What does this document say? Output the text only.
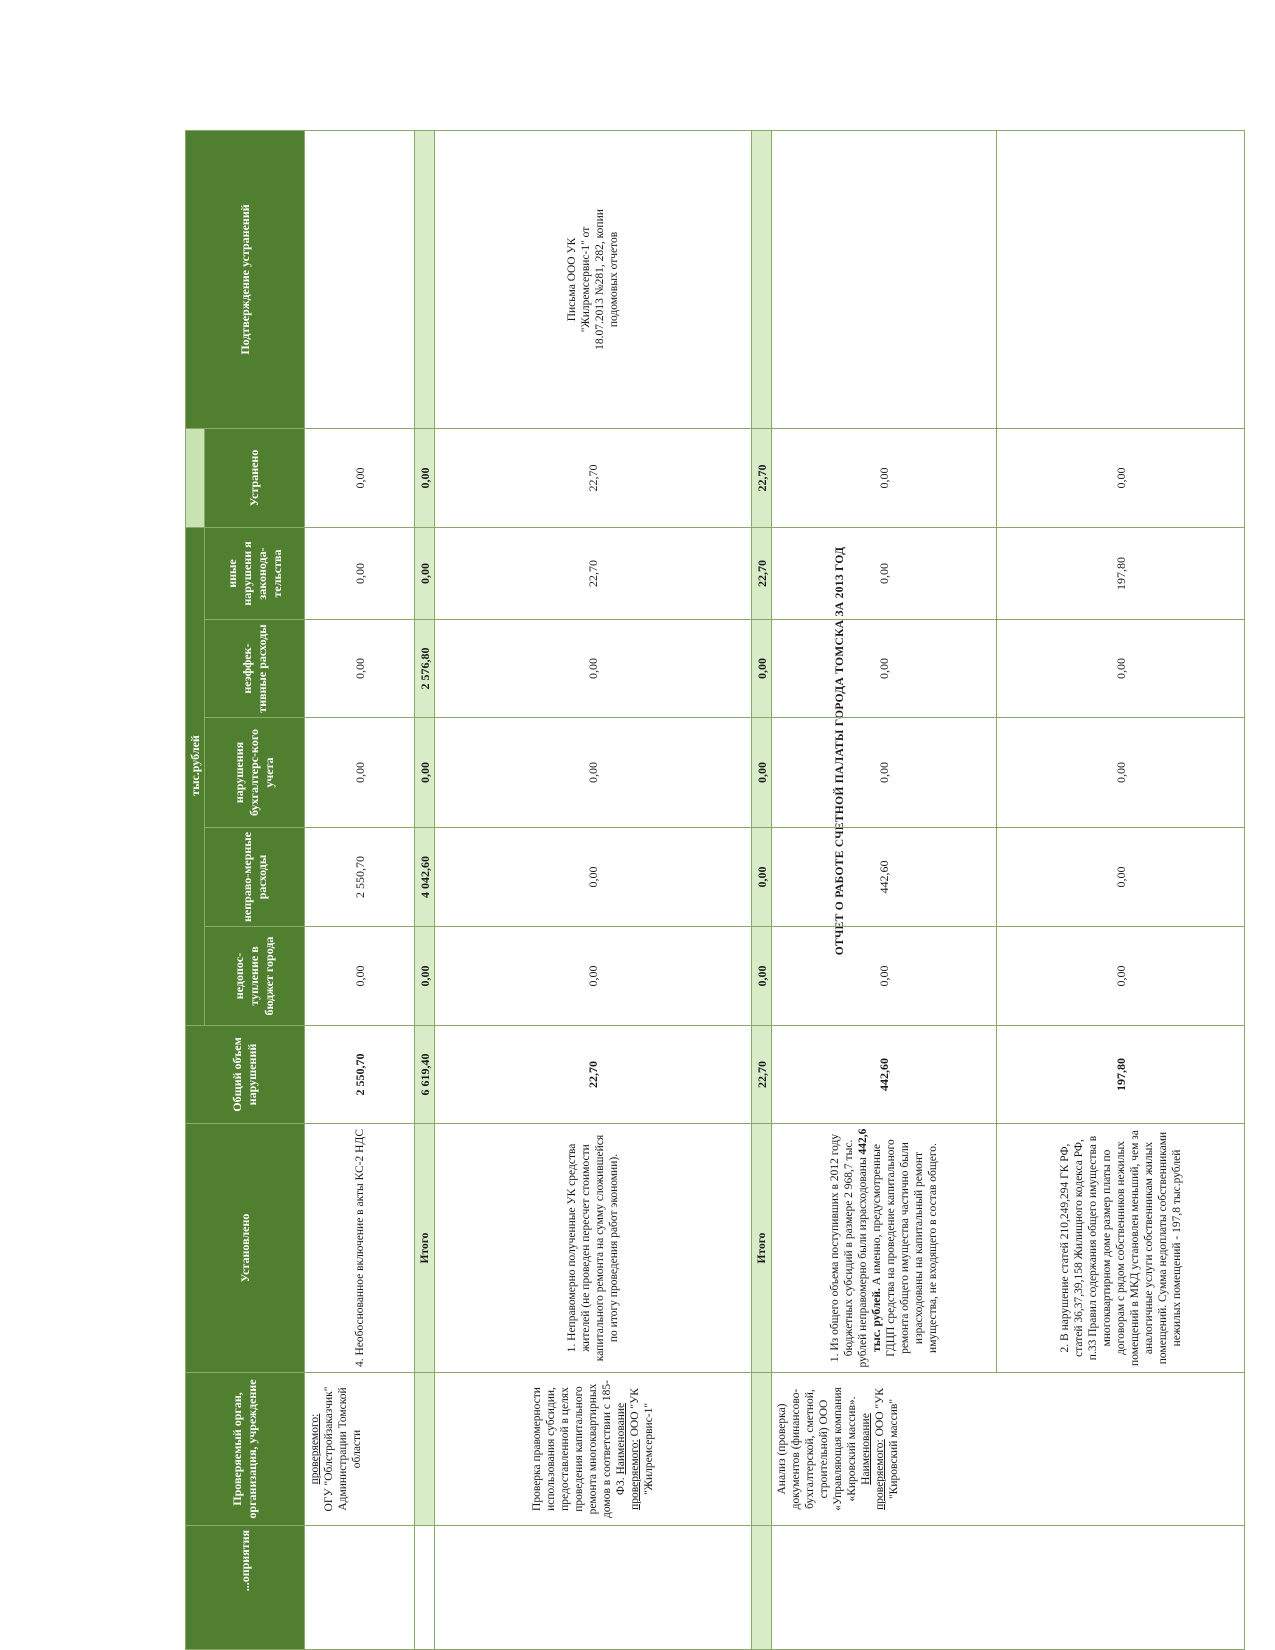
ОТЧЕТ О РАБОТЕ СЧЕТНОЙ ПАЛАТЫ ГОРОДА ТОМСКА ЗА 2013 ГОД
...оприятия
Проверяемый орган, организация, учреждение
Установлено
Общий объем нарушений
тыс.рублей
недопос-тупление в бюджет города
неправо-мерные расходы
нарушения бухгалтерс-кого учета
неэффек-тивные расходы
иные нарушени я законода-тельства
Устранено
Подтверждение устранений
проверяемого: ОГУ "Облстройзаказчик" Администрации Томской области
4. Необоснованное включение в акты КС-2 НДС
2 550,70
0,00
2 550,70
0,00
0,00
0,00
0,00
Итого
6 619,40
0,00
4 042,60
0,00
2 576,80
0,00
0,00
Проверка правомерности использования субсидии, предоставленной в целях проведения капитального ремонта многоквартирных домов в соответствии с 185-ФЗ. Наименование проверяемого: ООО "УК "Жилремсервис-1"
1. Неправомерно полученные УК средства жителей (не проведен пересчет стоимости капитального ремонта на сумму сложившейся по итогу проведения работ экономии).
22,70
0,00
0,00
0,00
0,00
22,70
22,70
Письма ООО УК "Жилремсервис-1" от 18.07.2013 №281, 282, копии подомовых отчетов
Итого
22,70
0,00
0,00
0,00
0,00
22,70
22,70
Анализ (проверка) документов (финансово-бухгалтерской, сметной, строительной) ООО «Управляющая компания «Кировский массив». Наименование проверяемого: ООО "УК "Кировский массив"
1. Из общего объема поступивших в 2012 году бюджетных субсидий в размере 2 968,7 тыс. рублей неправомерно были израсходованы 442,6 тыс. рублей. А именно, предусмотренные ГДЦП средства на проведение капитального ремонта общего имущества частично были израсходованы на капитальный ремонт имущества, не входящего в состав общего.
442,60
0,00
442,60
0,00
0,00
0,00
0,00
2. В нарушение статей 210,249,294 ГК РФ, статей 36,37,39,158 Жилищного кодекса РФ, п.33 Правил содержания общего имущества в многоквартирном доме размер платы по договорам с рядом собственников нежилых помещений в МКД установлен меньший, чем за аналогичные услуги собственникам жилых помещений. Сумма недоплаты собственниками нежилых помещений - 197,8 тыс.рублей
197,80
0,00
0,00
0,00
0,00
197,80
0,00
